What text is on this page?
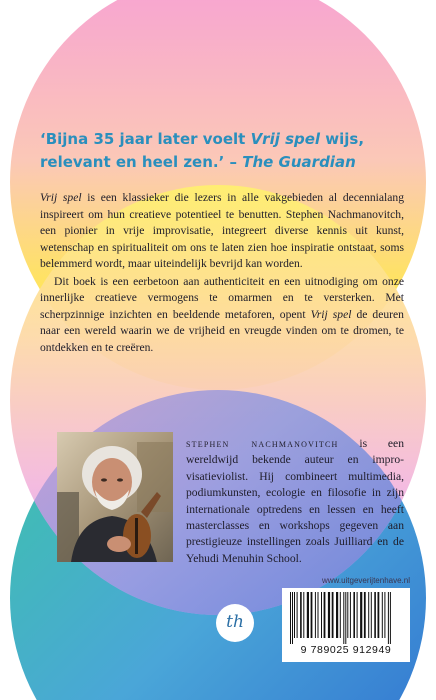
‘Bijna 35 jaar later voelt Vrij spel wijs,
relevant en heel zen.’ – The Guardian

Vrij spel is een klassieker die lezers in alle vakgebieden al decennialang inspireert om hun creatieve potentieel te benutten. Stephen Nachmanovitch, een pionier in vrije improvisatie, integreert diverse kennis uit kunst, wetenschap en spiritualiteit om ons te laten zien hoe inspiratie ontstaat, soms belemmerd wordt, maar uiteindelijk bevrijd kan worden.

Dit boek is een eerbetoon aan authenticiteit en een uitnodiging om onze innerlijke creatieve vermogens te omarmen en te versterken. Met scherpzinnige inzichten en beeldende metaforen, opent Vrij spel de deuren naar een wereld waarin we de vrijheid en vreugde vinden om te dromen, te ontdekken en te creëren.

stephen nachmanovitch is een wereldwijd bekende auteur en improvisatieviolist. Hij combineert multimedia, podiumkunsten, ecologie en filosofie in zijn internationale optredens en lessen en heeft masterclasses en workshops gegeven aan prestigieuze instellingen zoals Juilliard en de Yehudi Menuhin School.

www.uitgeverijtenhave.nl
th
9 789025 912949
